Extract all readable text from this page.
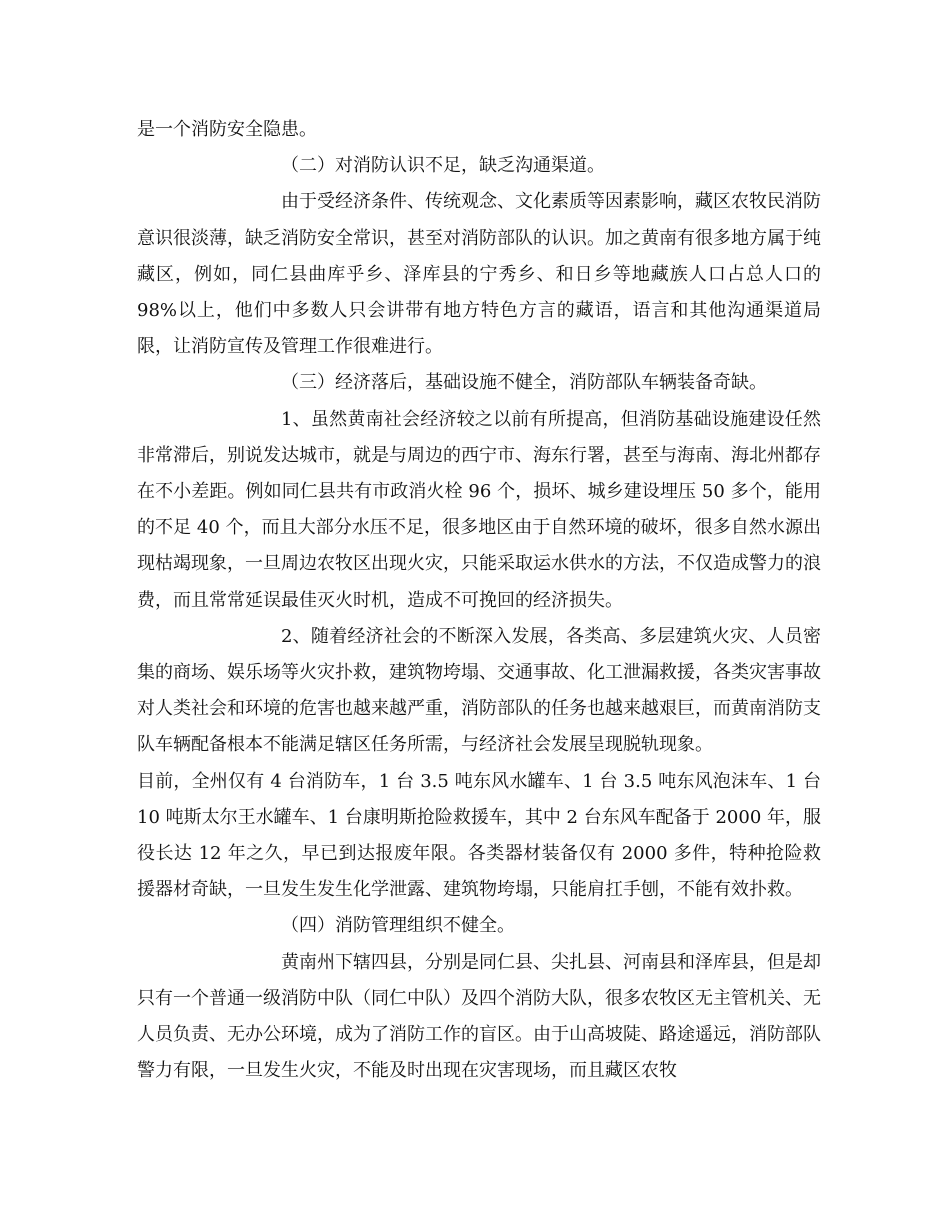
是一个消防安全隐患。

（二）对消防认识不足，缺乏沟通渠道。

由于受经济条件、传统观念、文化素质等因素影响，藏区农牧民消防意识很淡薄，缺乏消防安全常识，甚至对消防部队的认识。加之黄南有很多地方属于纯藏区，例如，同仁县曲库乎乡、泽库县的宁秀乡、和日乡等地藏族人口占总人口的98%以上，他们中多数人只会讲带有地方特色方言的藏语，语言和其他沟通渠道局限，让消防宣传及管理工作很难进行。

（三）经济落后，基础设施不健全，消防部队车辆装备奇缺。

1、虽然黄南社会经济较之以前有所提高，但消防基础设施建设任然非常滞后，别说发达城市，就是与周边的西宁市、海东行署，甚至与海南、海北州都存在不小差距。例如同仁县共有市政消火栓 96 个，损坏、城乡建设埋压 50 多个，能用的不足 40 个，而且大部分水压不足，很多地区由于自然环境的破坏，很多自然水源出现枯竭现象，一旦周边农牧区出现火灾，只能采取运水供水的方法，不仅造成警力的浪费，而且常常延误最佳灭火时机，造成不可挽回的经济损失。

2、随着经济社会的不断深入发展，各类高、多层建筑火灾、人员密集的商场、娱乐场等火灾扑救，建筑物垮塌、交通事故、化工泄漏救援，各类灾害事故对人类社会和环境的危害也越来越严重，消防部队的任务也越来越艰巨，而黄南消防支队车辆配备根本不能满足辖区任务所需，与经济社会发展呈现脱轨现象。

目前，全州仅有 4 台消防车，1 台 3.5 吨东风水罐车、1 台 3.5 吨东风泡沫车、1 台 10 吨斯太尔王水罐车、1 台康明斯抢险救援车，其中 2 台东风车配备于 2000 年，服役长达 12 年之久，早已到达报废年限。各类器材装备仅有 2000 多件，特种抢险救援器材奇缺，一旦发生发生化学泄露、建筑物垮塌，只能肩扛手刨，不能有效扑救。

（四）消防管理组织不健全。

黄南州下辖四县，分别是同仁县、尖扎县、河南县和泽库县，但是却只有一个普通一级消防中队（同仁中队）及四个消防大队，很多农牧区无主管机关、无人员负责、无办公环境，成为了消防工作的盲区。由于山高坡陡、路途遥远，消防部队警力有限，一旦发生火灾，不能及时出现在灾害现场，而且藏区农牧
